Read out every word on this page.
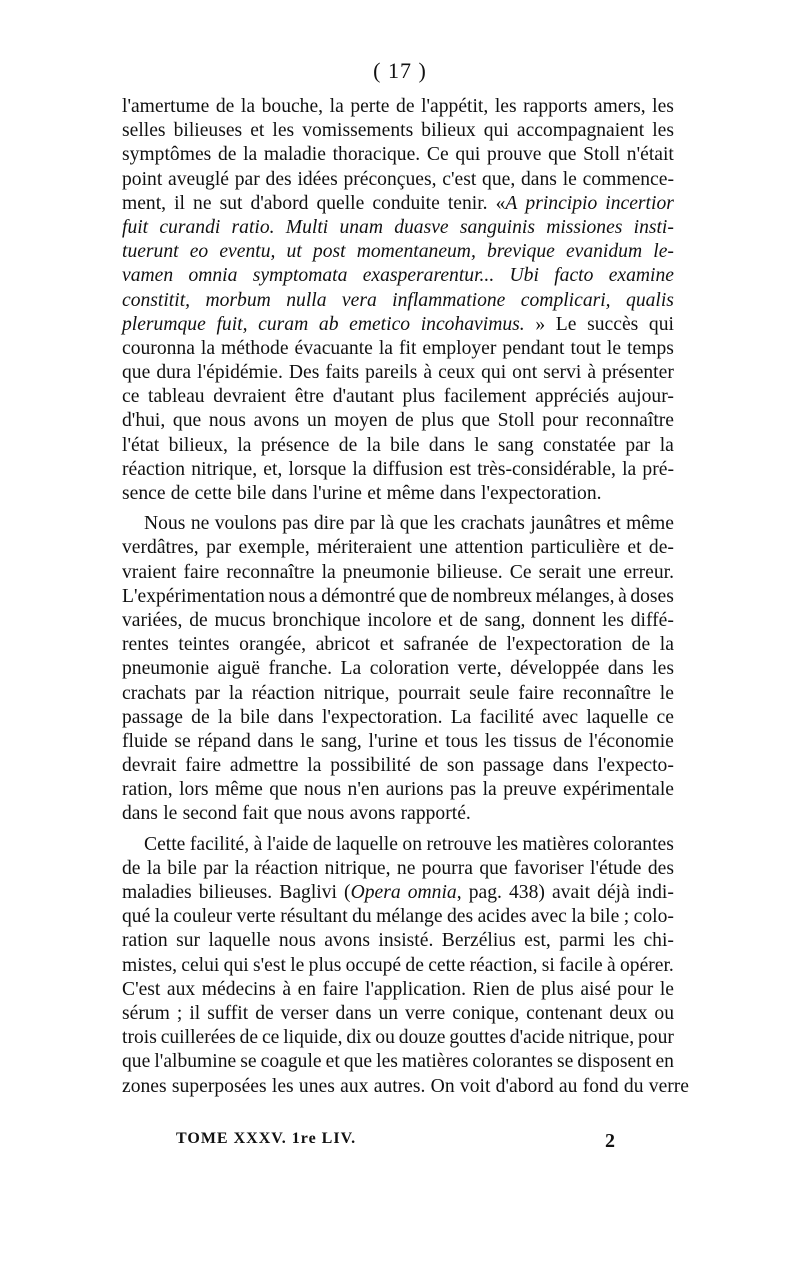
( 17 )
l'amertume de la bouche, la perte de l'appétit, les rapports amers, les
selles bilieuses et les vomissements bilieux qui accompagnaient les
symptômes de la maladie thoracique. Ce qui prouve que Stoll n'était
point aveuglé par des idées préconçues, c'est que, dans le commence-
ment, il ne sut d'abord quelle conduite tenir. «A principio incertior
fuit curandi ratio. Multi unam duasve sanguinis missiones insti-
tuerunt eo eventu, ut post momentaneum, brevique evanidum le-
vamen omnia symptomata exasperarentur... Ubi facto examine
constitit, morbum nulla vera inflammatione complicari, qualis
plerumque fuit, curam ab emetico incohavimus. » Le succès qui
couronna la méthode évacuante la fit employer pendant tout le temps
que dura l'épidémie. Des faits pareils à ceux qui ont servi à présenter
ce tableau devraient être d'autant plus facilement appréciés aujour-
d'hui, que nous avons un moyen de plus que Stoll pour reconnaître
l'état bilieux, la présence de la bile dans le sang constatée par la
réaction nitrique, et, lorsque la diffusion est très-considérable, la pré-
sence de cette bile dans l'urine et même dans l'expectoration.
Nous ne voulons pas dire par là que les crachats jaunâtres et même
verdâtres, par exemple, mériteraient une attention particulière et de-
vraient faire reconnaître la pneumonie bilieuse. Ce serait une erreur.
L'expérimentation nous a démontré que de nombreux mélanges, à doses
variées, de mucus bronchique incolore et de sang, donnent les diffé-
rentes teintes orangée, abricot et safranée de l'expectoration de la
pneumonie aiguë franche. La coloration verte, développée dans les
crachats par la réaction nitrique, pourrait seule faire reconnaître le
passage de la bile dans l'expectoration. La facilité avec laquelle ce
fluide se répand dans le sang, l'urine et tous les tissus de l'économie
devrait faire admettre la possibilité de son passage dans l'expecto-
ration, lors même que nous n'en aurions pas la preuve expérimentale
dans le second fait que nous avons rapporté.
Cette facilité, à l'aide de laquelle on retrouve les matières colorantes
de la bile par la réaction nitrique, ne pourra que favoriser l'étude des
maladies bilieuses. Baglivi (Opera omnia, pag. 438) avait déjà indi-
qué la couleur verte résultant du mélange des acides avec la bile ; colo-
ration sur laquelle nous avons insisté. Berzélius est, parmi les chi-
mistes, celui qui s'est le plus occupé de cette réaction, si facile à opérer.
C'est aux médecins à en faire l'application. Rien de plus aisé pour le
sérum ; il suffit de verser dans un verre conique, contenant deux ou
trois cuillerées de ce liquide, dix ou douze gouttes d'acide nitrique, pour
que l'albumine se coagule et que les matières colorantes se disposent en
zones superposées les unes aux autres. On voit d'abord au fond du verre
TOME XXXV. 1re LIV.	2
